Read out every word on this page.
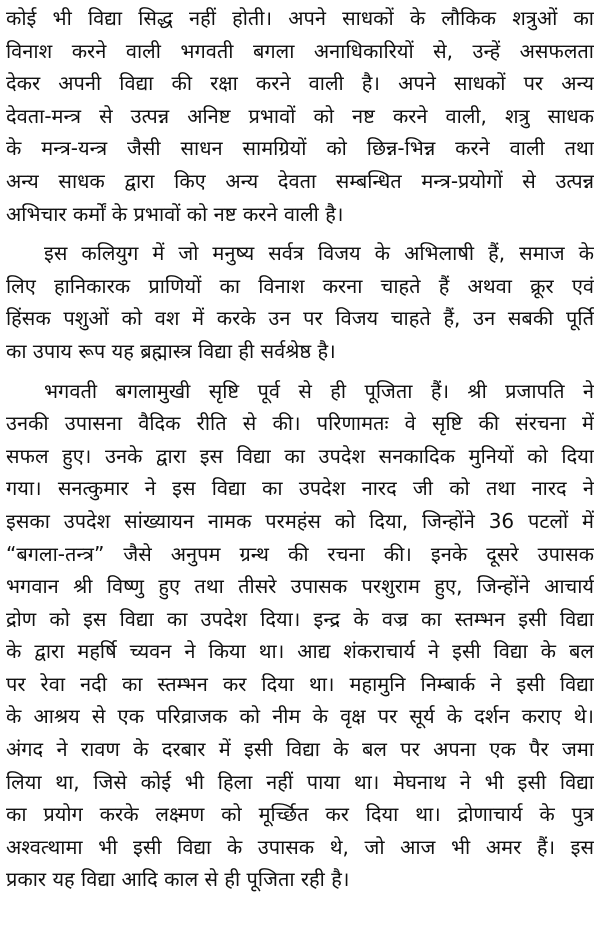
कोई भी विद्या सिद्ध नहीं होती। अपने साधकों के लौकिक शत्रुओं का
विनाश करने वाली भगवती बगला अनाधिकारियों से, उन्हें असफलता
देकर अपनी विद्या की रक्षा करने वाली है। अपने साधकों पर अन्य
देवता-मन्त्र से उत्पन्न अनिष्ट प्रभावों को नष्ट करने वाली, शत्रु साधक
के मन्त्र-यन्त्र जैसी साधन सामग्रियों को छिन्न-भिन्न करने वाली तथा
अन्य साधक द्वारा किए अन्य देवता सम्बन्धित मन्त्र-प्रयोगों से उत्पन्न
अभिचार कर्मों के प्रभावों को नष्ट करने वाली है।
इस कलियुग में जो मनुष्य सर्वत्र विजय के अभिलाषी हैं, समाज के
लिए हानिकारक प्राणियों का विनाश करना चाहते हैं अथवा क्रूर एवं
हिंसक पशुओं को वश में करके उन पर विजय चाहते हैं, उन सबकी पूर्ति
का उपाय रूप यह ब्रह्मास्त्र विद्या ही सर्वश्रेष्ठ है।
भगवती बगलामुखी सृष्टि पूर्व से ही पूजिता हैं। श्री प्रजापति ने
उनकी उपासना वैदिक रीति से की। परिणामतः वे सृष्टि की संरचना में
सफल हुए। उनके द्वारा इस विद्या का उपदेश सनकादिक मुनियों को दिया
गया। सनत्कुमार ने इस विद्या का उपदेश नारद जी को तथा नारद ने
इसका उपदेश सांख्यायन नामक परमहंस को दिया, जिन्होंने 36 पटलों में
“बगला-तन्त्र” जैसे अनुपम ग्रन्थ की रचना की। इनके दूसरे उपासक
भगवान श्री विष्णु हुए तथा तीसरे उपासक परशुराम हुए, जिन्होंने आचार्य
द्रोण को इस विद्या का उपदेश दिया। इन्द्र के वज्र का स्तम्भन इसी विद्या
के द्वारा महर्षि च्यवन ने किया था। आद्य शंकराचार्य ने इसी विद्या के बल
पर रेवा नदी का स्तम्भन कर दिया था। महामुनि निम्बार्क ने इसी विद्या
के आश्रय से एक परिव्राजक को नीम के वृक्ष पर सूर्य के दर्शन कराए थे।
अंगद ने रावण के दरबार में इसी विद्या के बल पर अपना एक पैर जमा
लिया था, जिसे कोई भी हिला नहीं पाया था। मेघनाथ ने भी इसी विद्या
का प्रयोग करके लक्ष्मण को मूर्च्छित कर दिया था। द्रोणाचार्य के पुत्र
अश्वत्थामा भी इसी विद्या के उपासक थे, जो आज भी अमर हैं। इस
प्रकार यह विद्या आदि काल से ही पूजिता रही है।
